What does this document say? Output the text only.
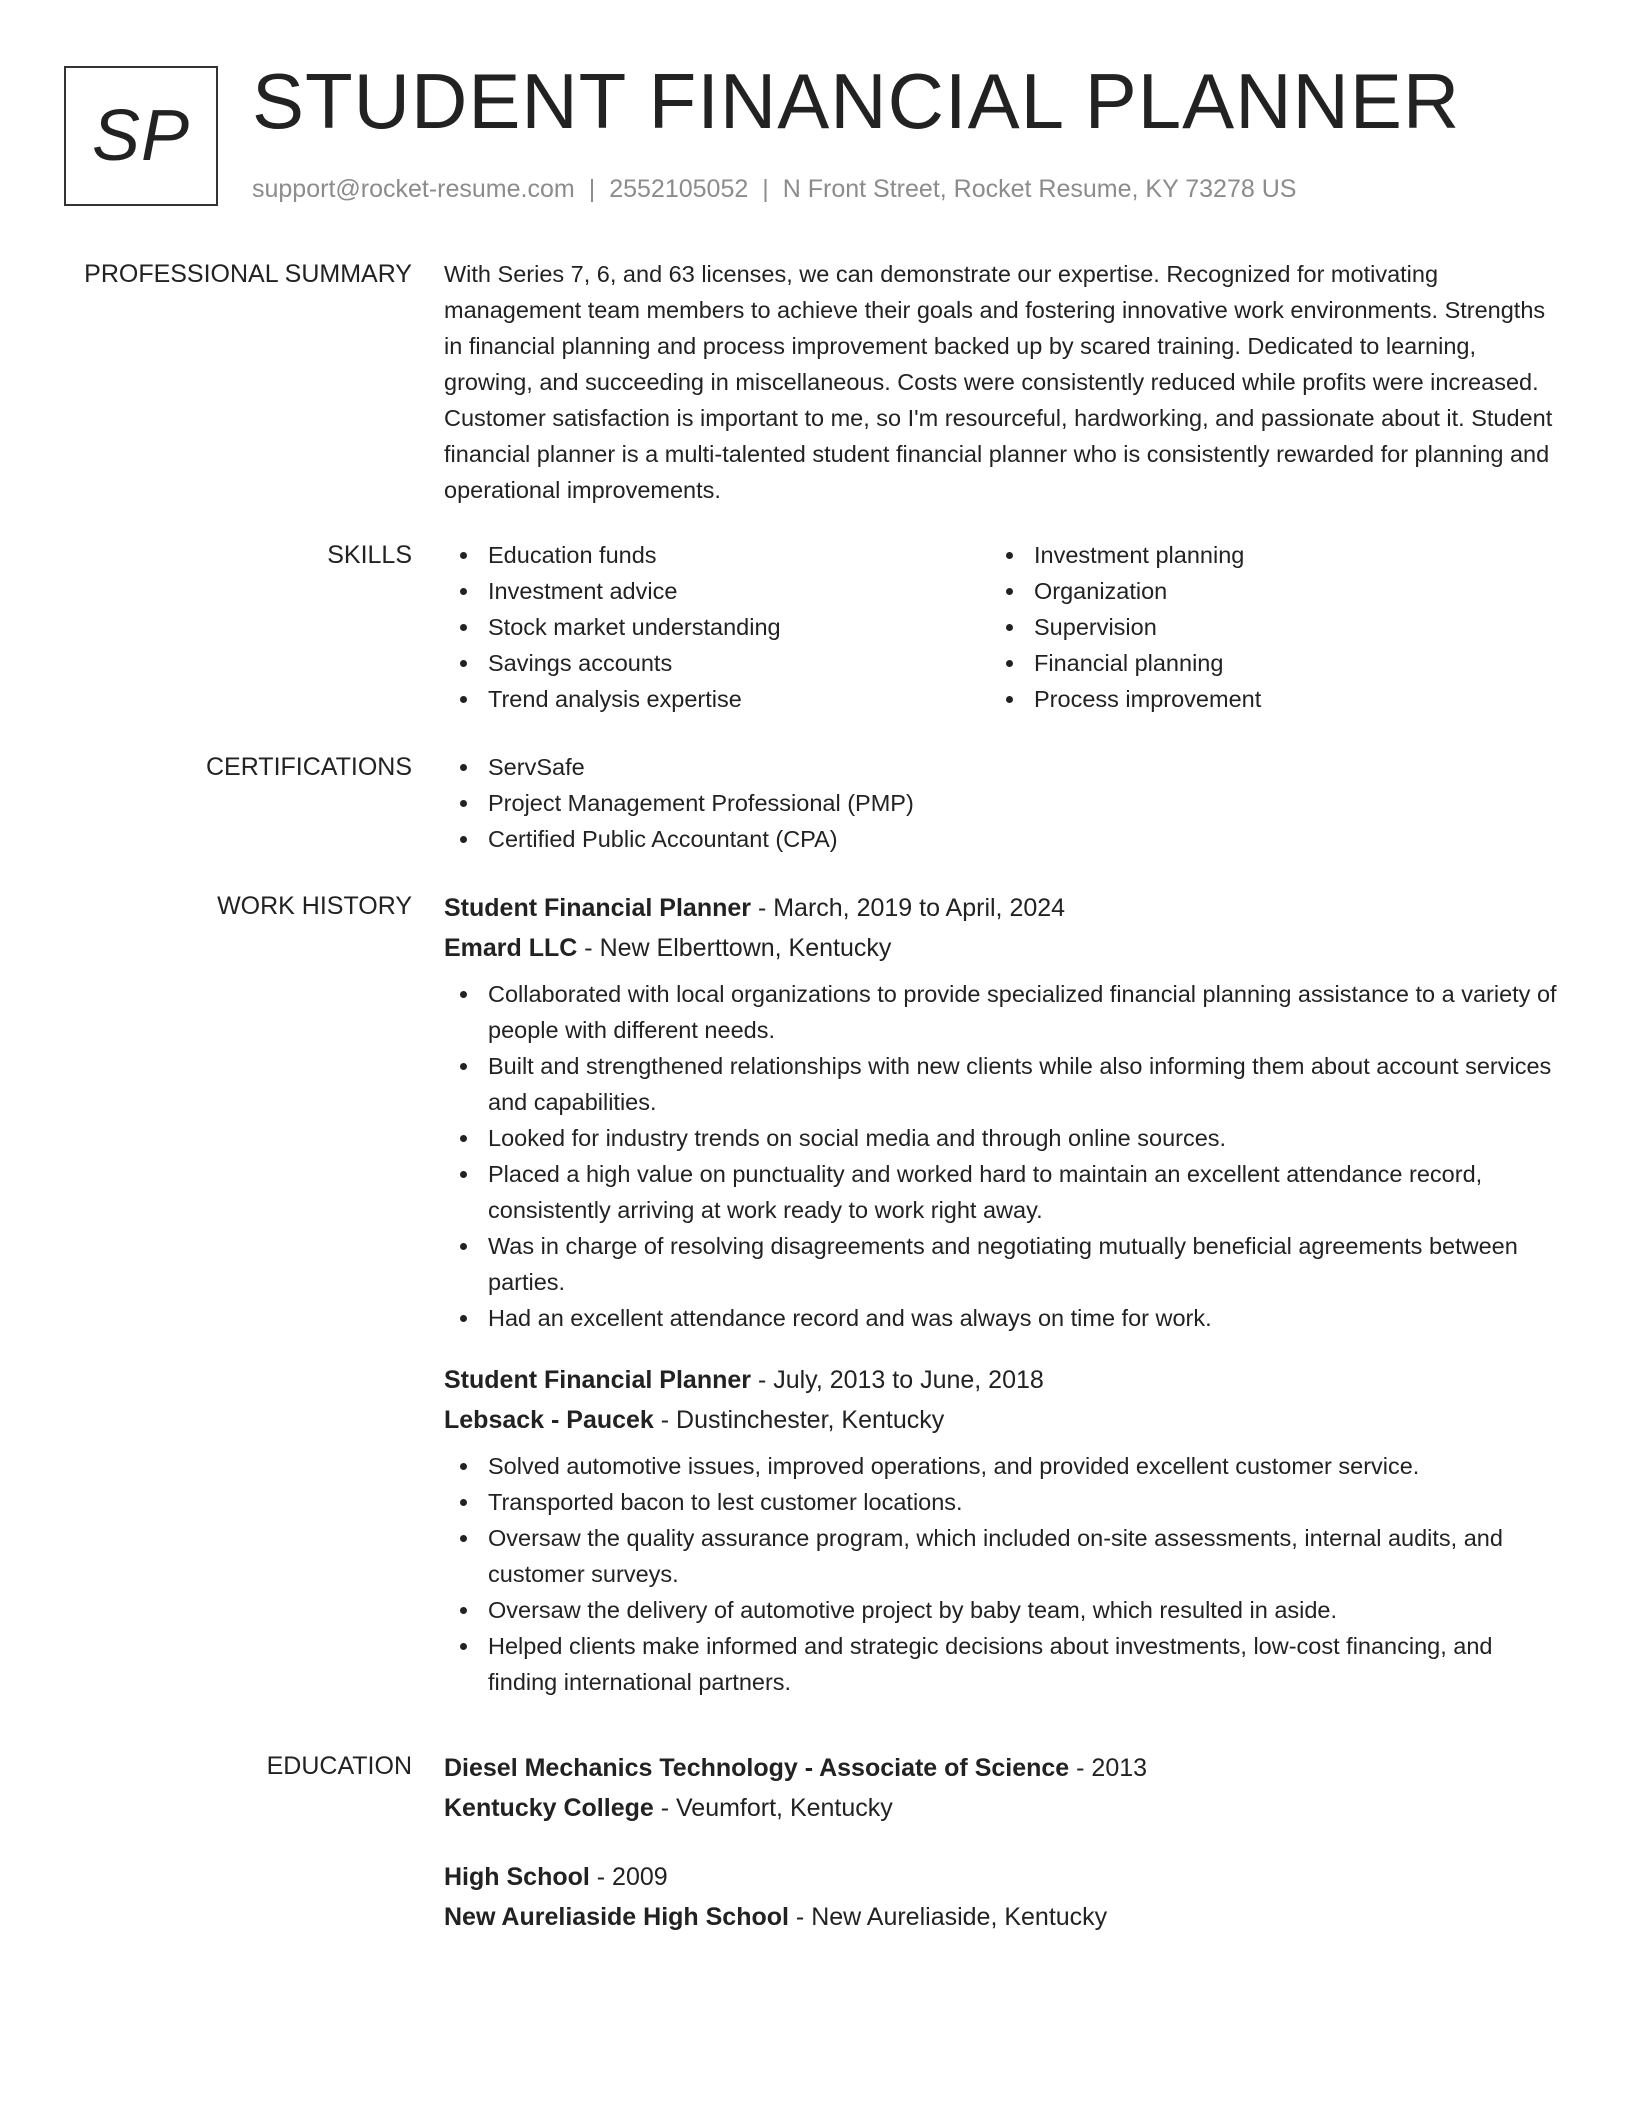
SP STUDENT FINANCIAL PLANNER
support@rocket-resume.com | 2552105052 | N Front Street, Rocket Resume, KY 73278 US
PROFESSIONAL SUMMARY With Series 7, 6, and 63 licenses, we can demonstrate our expertise. Recognized for motivating management team members to achieve their goals and fostering innovative work environments. Strengths in financial planning and process improvement backed up by scared training. Dedicated to learning, growing, and succeeding in miscellaneous. Costs were consistently reduced while profits were increased. Customer satisfaction is important to me, so I'm resourceful, hardworking, and passionate about it. Student financial planner is a multi-talented student financial planner who is consistently rewarded for planning and operational improvements.

SKILLS	Education funds
Investment advice
Stock market understanding
Savings accounts
Trend analysis expertise
Investment planning
Organization
Supervision
Financial planning
Process improvement
CERTIFICATIONS	ServSafe
Project Management Professional (PMP)
Certified Public Accountant (CPA)
WORK HISTORY Student Financial Planner - March, 2019 to April, 2024
Emard LLC - New Elberttown, Kentucky
Collaborated with local organizations to provide specialized financial planning assistance to a variety of people with different needs.
Built and strengthened relationships with new clients while also informing them about account services and capabilities.
Looked for industry trends on social media and through online sources.
Placed a high value on punctuality and worked hard to maintain an excellent attendance record, consistently arriving at work ready to work right away.
Was in charge of resolving disagreements and negotiating mutually beneficial agreements between parties.
Had an excellent attendance record and was always on time for work.
Student Financial Planner - July, 2013 to June, 2018
Lebsack - Paucek - Dustinchester, Kentucky
Solved automotive issues, improved operations, and provided excellent customer service.
Transported bacon to lest customer locations.
Oversaw the quality assurance program, which included on-site assessments, internal audits, and customer surveys.
Oversaw the delivery of automotive project by baby team, which resulted in aside.
Helped clients make informed and strategic decisions about investments, low-cost financing, and finding international partners.
EDUCATION Diesel Mechanics Technology - Associate of Science - 2013
Kentucky College - Veumfort, Kentucky
High School - 2009
New Aureliaside High School - New Aureliaside, Kentucky
